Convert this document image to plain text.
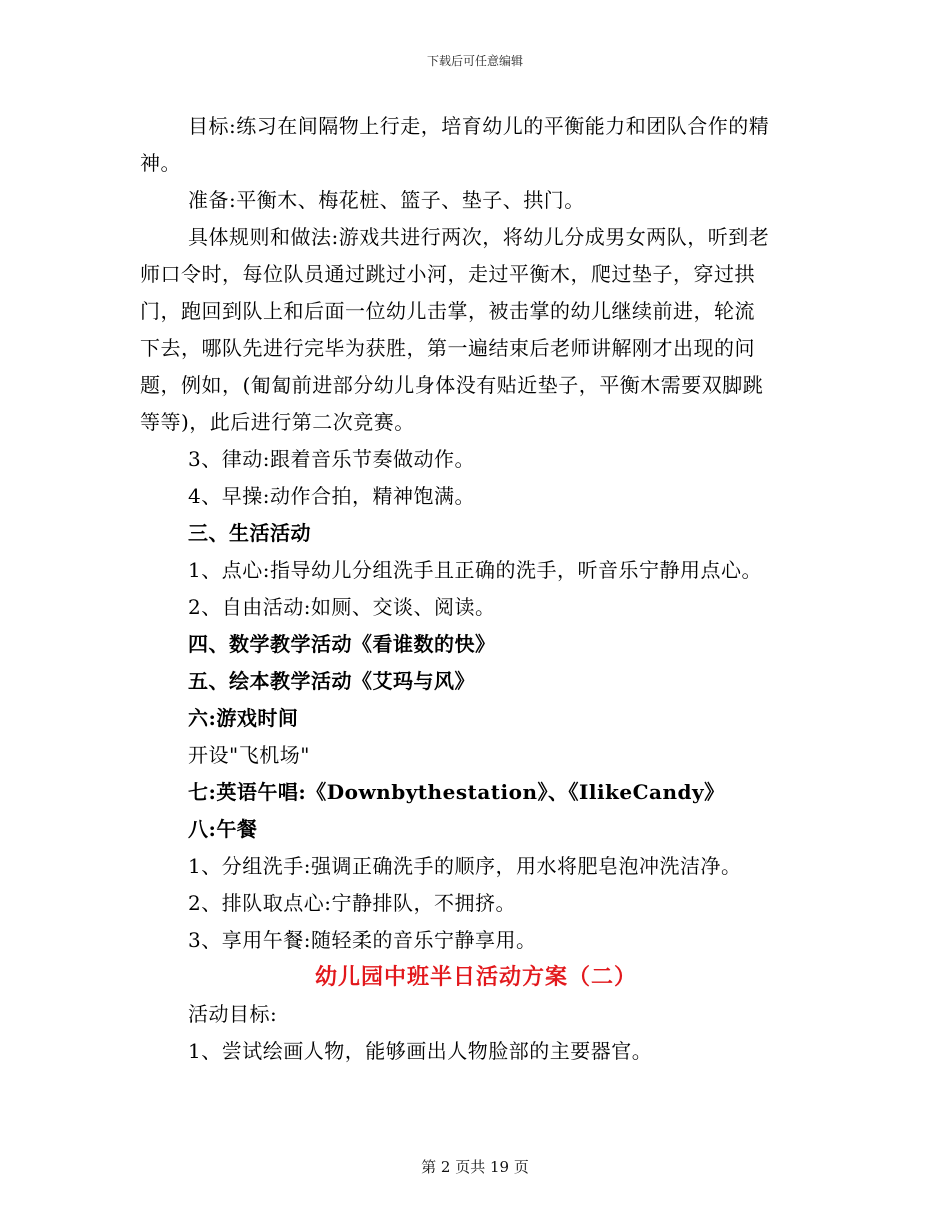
下载后可任意编辑
目标:练习在间隔物上行走，培育幼儿的平衡能力和团队合作的精
神。
准备:平衡木、梅花桩、篮子、垫子、拱门。
具体规则和做法:游戏共进行两次，将幼儿分成男女两队，听到老
师口令时，每位队员通过跳过小河，走过平衡木，爬过垫子，穿过拱
门，跑回到队上和后面一位幼儿击掌，被击掌的幼儿继续前进，轮流
下去，哪队先进行完毕为获胜，第一遍结束后老师讲解刚才出现的问
题，例如，(匍匐前进部分幼儿身体没有贴近垫子，平衡木需要双脚跳
等等)，此后进行第二次竞赛。
3、律动:跟着音乐节奏做动作。
4、早操:动作合拍，精神饱满。
三、生活活动
1、点心:指导幼儿分组洗手且正确的洗手，听音乐宁静用点心。
2、自由活动:如厕、交谈、阅读。
四、数学教学活动《看谁数的快》
五、绘本教学活动《艾玛与风》
六:游戏时间
开设"飞机场"
七:英语午唱:《Downbythestation》、《IlikeCandy》
八:午餐
1、分组洗手:强调正确洗手的顺序，用水将肥皂泡冲洗洁净。
2、排队取点心:宁静排队，不拥挤。
3、享用午餐:随轻柔的音乐宁静享用。
幼儿园中班半日活动方案（二）
活动目标:
1、尝试绘画人物，能够画出人物脸部的主要器官。
第 2 页共 19 页
